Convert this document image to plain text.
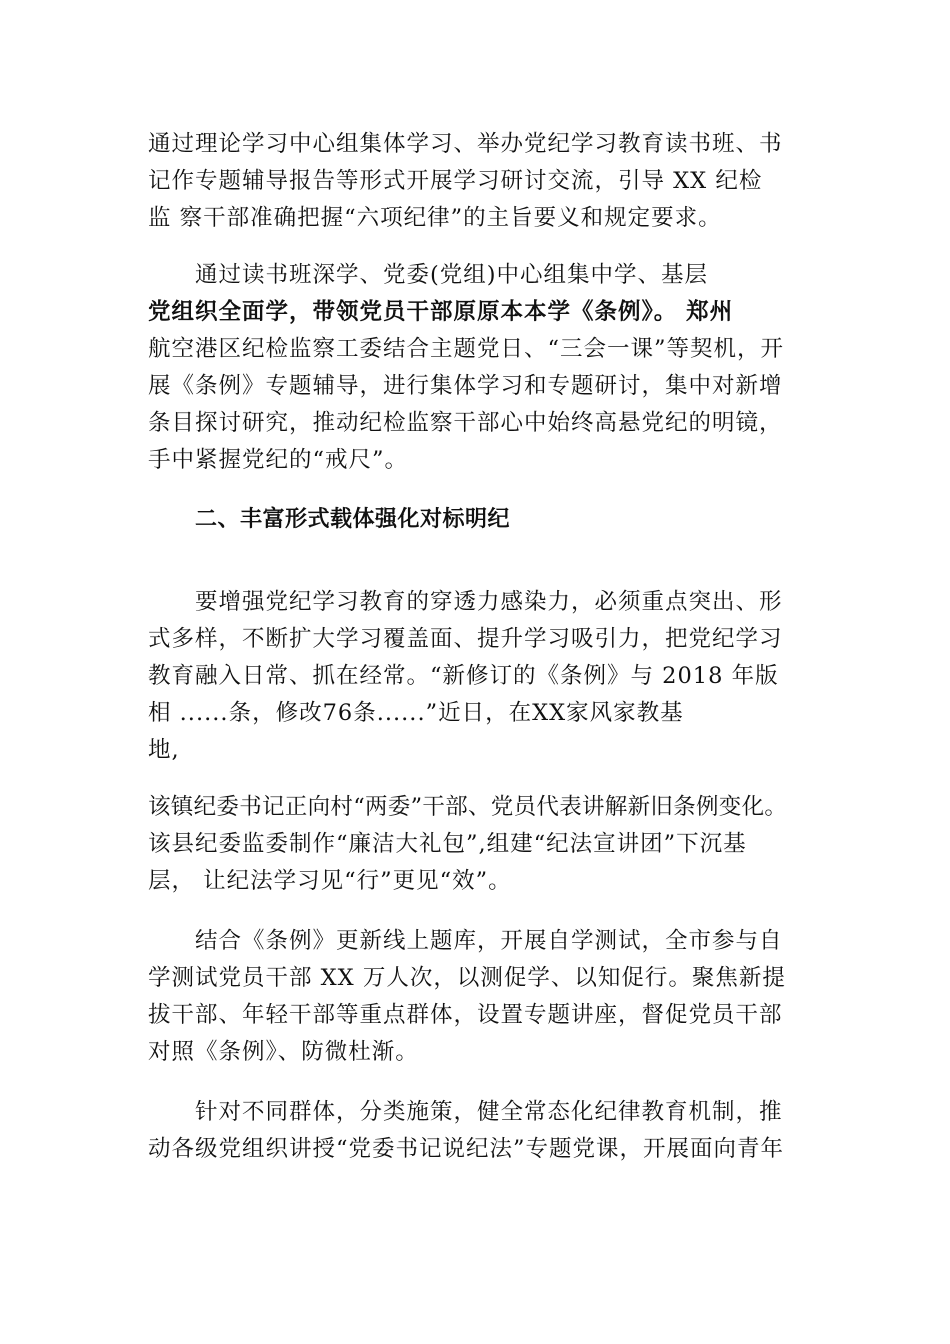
通过理论学习中心组集体学习、举办党纪学习教育读书班、书
记作专题辅导报告等形式开展学习研讨交流，引导 XX 纪检
监 察干部准确把握“六项纪律”的主旨要义和规定要求。
通过读书班深学、党委(党组)中心组集中学、基层
党组织全面学，带领党员干部原原本本学《条例》。 郑州
航空港区纪检监察工委结合主题党日、“三会一课”等契机，开
展《条例》专题辅导，进行集体学习和专题研讨，集中对新增
条目探讨研究，推动纪检监察干部心中始终高悬党纪的明镜，
手中紧握党纪的“戒尺”。
二、丰富形式载体强化对标明纪
要增强党纪学习教育的穿透力感染力，必须重点突出、形
式多样，不断扩大学习覆盖面、提升学习吸引力，把党纪学习
教育融入日常、抓在经常。“新修订的《条例》与 2018 年版
相 ......条，修改76条......”近日，在XX家风家教基
地,
该镇纪委书记正向村“两委”干部、党员代表讲解新旧条例变化。
该县纪委监委制作“廉洁大礼包”,组建“纪法宣讲团”下沉基
层， 让纪法学习见“行”更见“效”。
结合《条例》更新线上题库，开展自学测试，全市参与自
学测试党员干部 XX 万人次，以测促学、以知促行。聚焦新提
拔干部、年轻干部等重点群体，设置专题讲座，督促党员干部
对照《条例》、防微杜渐。
针对不同群体，分类施策，健全常态化纪律教育机制，推
动各级党组织讲授“党委书记说纪法”专题党课，开展面向青年
